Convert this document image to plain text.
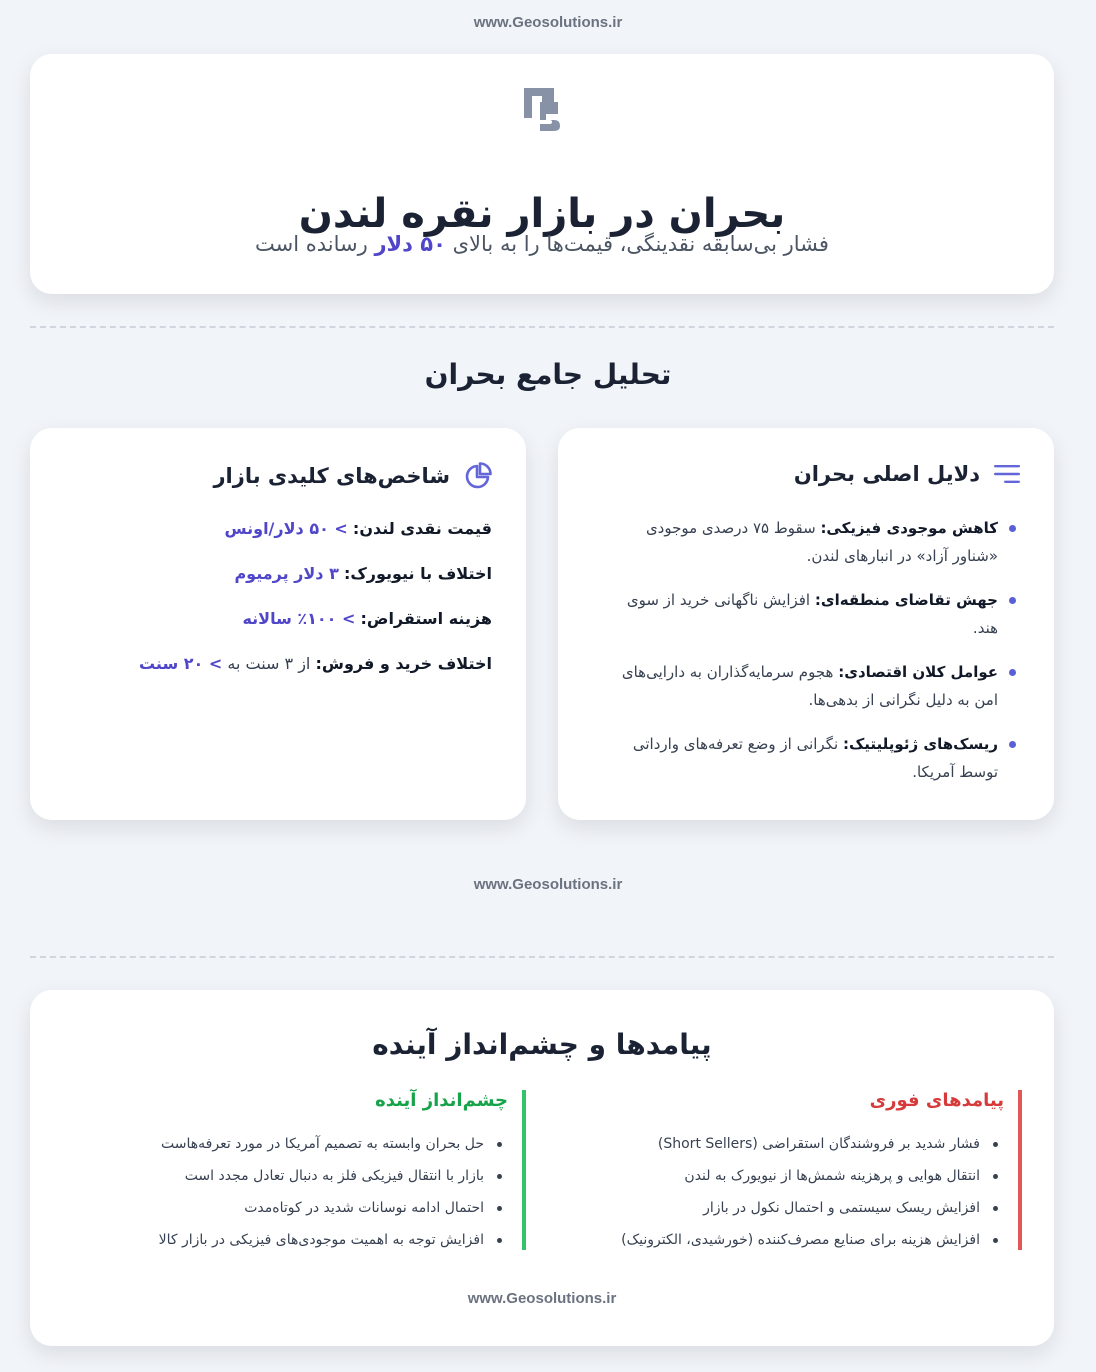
www.Geosolutions.ir
بحران در بازار نقره لندن

فشار بی‌سابقه نقدینگی، قیمت‌ها را به بالای ۵۰ دلار رسانده است

تحلیل جامع بحران
دلایل اصلی بحران
کاهش موجودی فیزیکی: سقوط ۷۵ درصدی موجودی «شناور آزاد» در انبارهای لندن.
جهش تقاضای منطقه‌ای: افزایش ناگهانی خرید از سوی هند.
عوامل کلان اقتصادی: هجوم سرمایه‌گذاران به دارایی‌های امن به دلیل نگرانی از بدهی‌ها.
ریسک‌های ژئوپلیتیک: نگرانی از وضع تعرفه‌های وارداتی توسط آمریکا.
شاخص‌های کلیدی بازار

قیمت نقدی لندن: > ۵۰ دلار/اونس

اختلاف با نیویورک: ۳ دلار پرمیوم

هزینه استقراض: > ۱۰۰٪ سالانه

اختلاف خرید و فروش: از ۳ سنت به > ۲۰ سنت

www.Geosolutions.ir
پیامدها و چشم‌انداز آینده
پیامدهای فوری
فشار شدید بر فروشندگان استقراضی (Short Sellers)
انتقال هوایی و پرهزینه شمش‌ها از نیویورک به لندن
افزایش ریسک سیستمی و احتمال نکول در بازار
افزایش هزینه برای صنایع مصرف‌کننده (خورشیدی، الکترونیک)
چشم‌انداز آینده
حل بحران وابسته به تصمیم آمریکا در مورد تعرفه‌هاست
بازار با انتقال فیزیکی فلز به دنبال تعادل مجدد است
احتمال ادامه نوسانات شدید در کوتاه‌مدت
افزایش توجه به اهمیت موجودی‌های فیزیکی در بازار کالا
www.Geosolutions.ir
